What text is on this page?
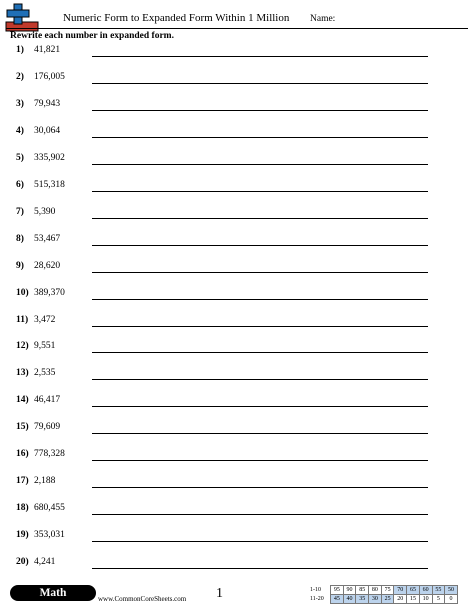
Numeric Form to Expanded Form Within 1 Million Name:
Rewrite each number in expanded form.
1) 41,821
2) 176,005
3) 79,943
4) 30,064
5) 335,902
6) 515,318
7) 5,390
8) 53,467
9) 28,620
10) 389,370
11) 3,472
12) 9,551
13) 2,535
14) 46,417
15) 79,609
16) 778,328
17) 2,188
18) 680,455
19) 353,031
20) 4,241
Math	www.CommonCoreSheets.com 1	1-10	95	90	85	80	75	70	65	60	55	50
11-20	45	40	35	30	25	20	15	10	5	0
